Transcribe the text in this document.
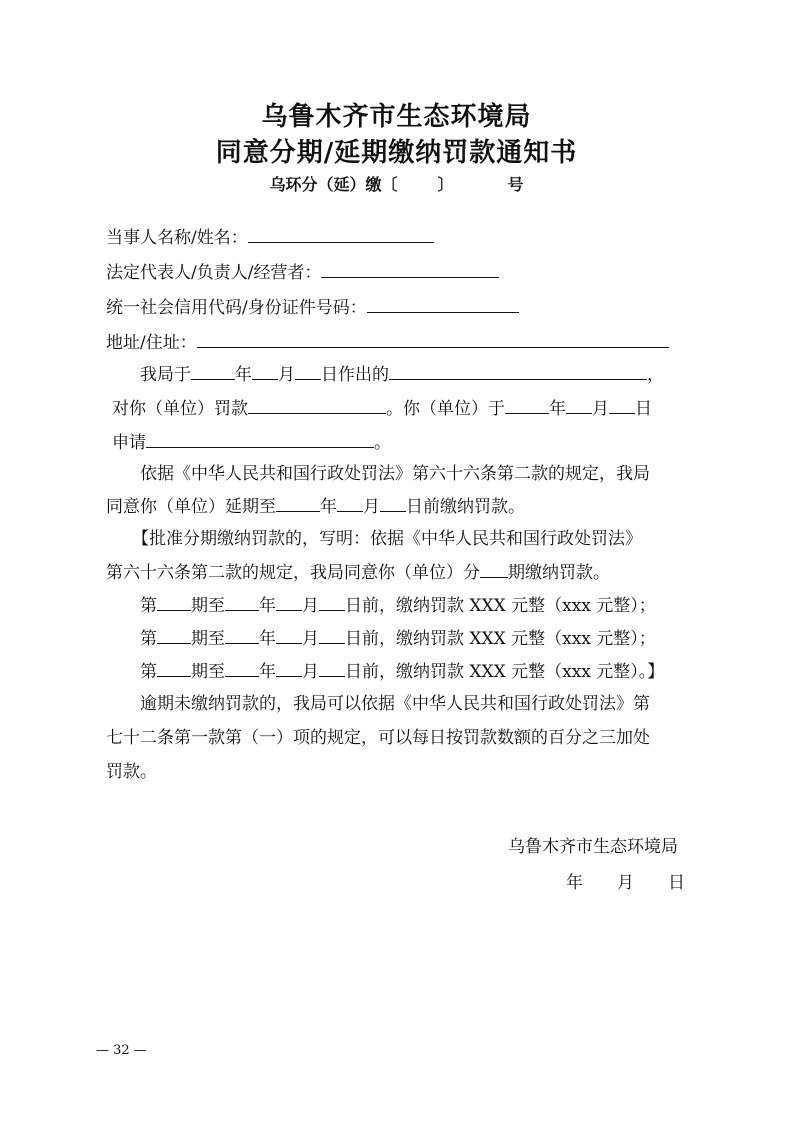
乌鲁木齐市生态环境局
同意分期/延期缴纳罚款通知书
乌环分（延）缴〔	〕	号
当事人名称/姓名：
法定代表人/负责人/经营者：
统一社会信用代码/身份证件号码：
地址/住址：
我局于	年 月 日作出的	，
对你（单位）罚款	。你（单位）于	年 月 日
申请	。
依据《中华人民共和国行政处罚法》第六十六条第二款的规定，我局
同意你（单位）延期至	年 月 日前缴纳罚款。
【批准分期缴纳罚款的，写明：依据《中华人民共和国行政处罚法》
第六十六条第二款的规定，我局同意你（单位）分 期缴纳罚款。
第 期至 年 月 日前，缴纳罚款 XXX 元整（xxx 元整）；
第 期至 年 月 日前，缴纳罚款 XXX 元整（xxx 元整）；
第 期至 年 月 日前，缴纳罚款 XXX 元整（xxx 元整）。】
逾期未缴纳罚款的，我局可以依据《中华人民共和国行政处罚法》第
七十二条第一款第（一）项的规定，可以每日按罚款数额的百分之三加处
罚款。
乌鲁木齐市生态环境局
年 月 日
— 32 —
